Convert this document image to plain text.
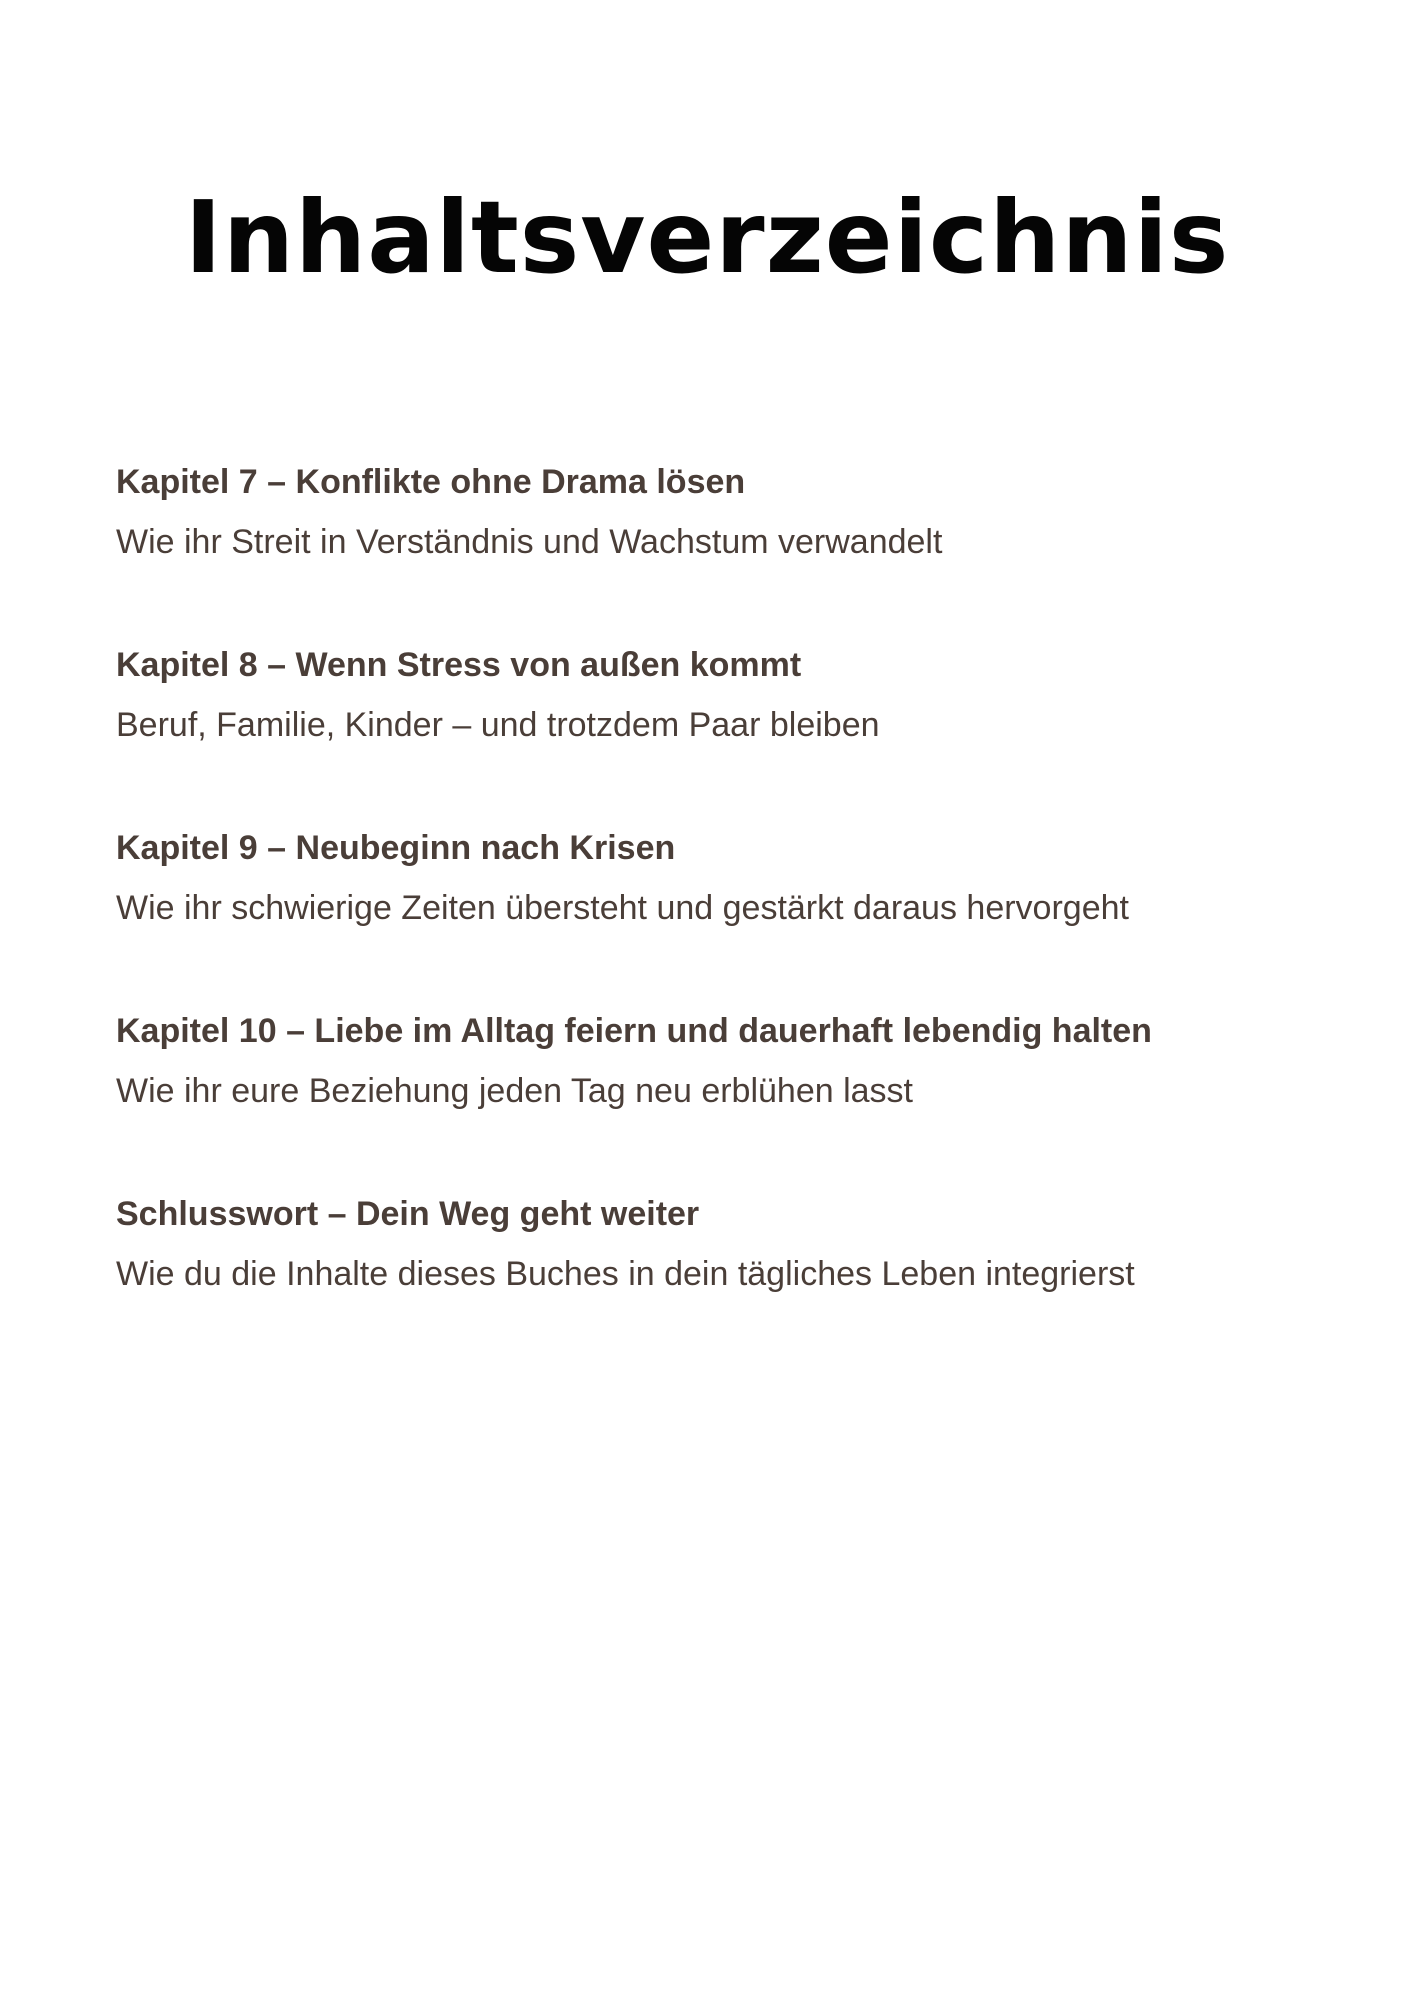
Inhaltsverzeichnis
Kapitel 7 – Konflikte ohne Drama lösen
Wie ihr Streit in Verständnis und Wachstum verwandelt
Kapitel 8 – Wenn Stress von außen kommt
Beruf, Familie, Kinder – und trotzdem Paar bleiben
Kapitel 9 – Neubeginn nach Krisen
Wie ihr schwierige Zeiten übersteht und gestärkt daraus hervorgeht
Kapitel 10 – Liebe im Alltag feiern und dauerhaft lebendig halten
Wie ihr eure Beziehung jeden Tag neu erblühen lasst
Schlusswort – Dein Weg geht weiter
Wie du die Inhalte dieses Buches in dein tägliches Leben integrierst
